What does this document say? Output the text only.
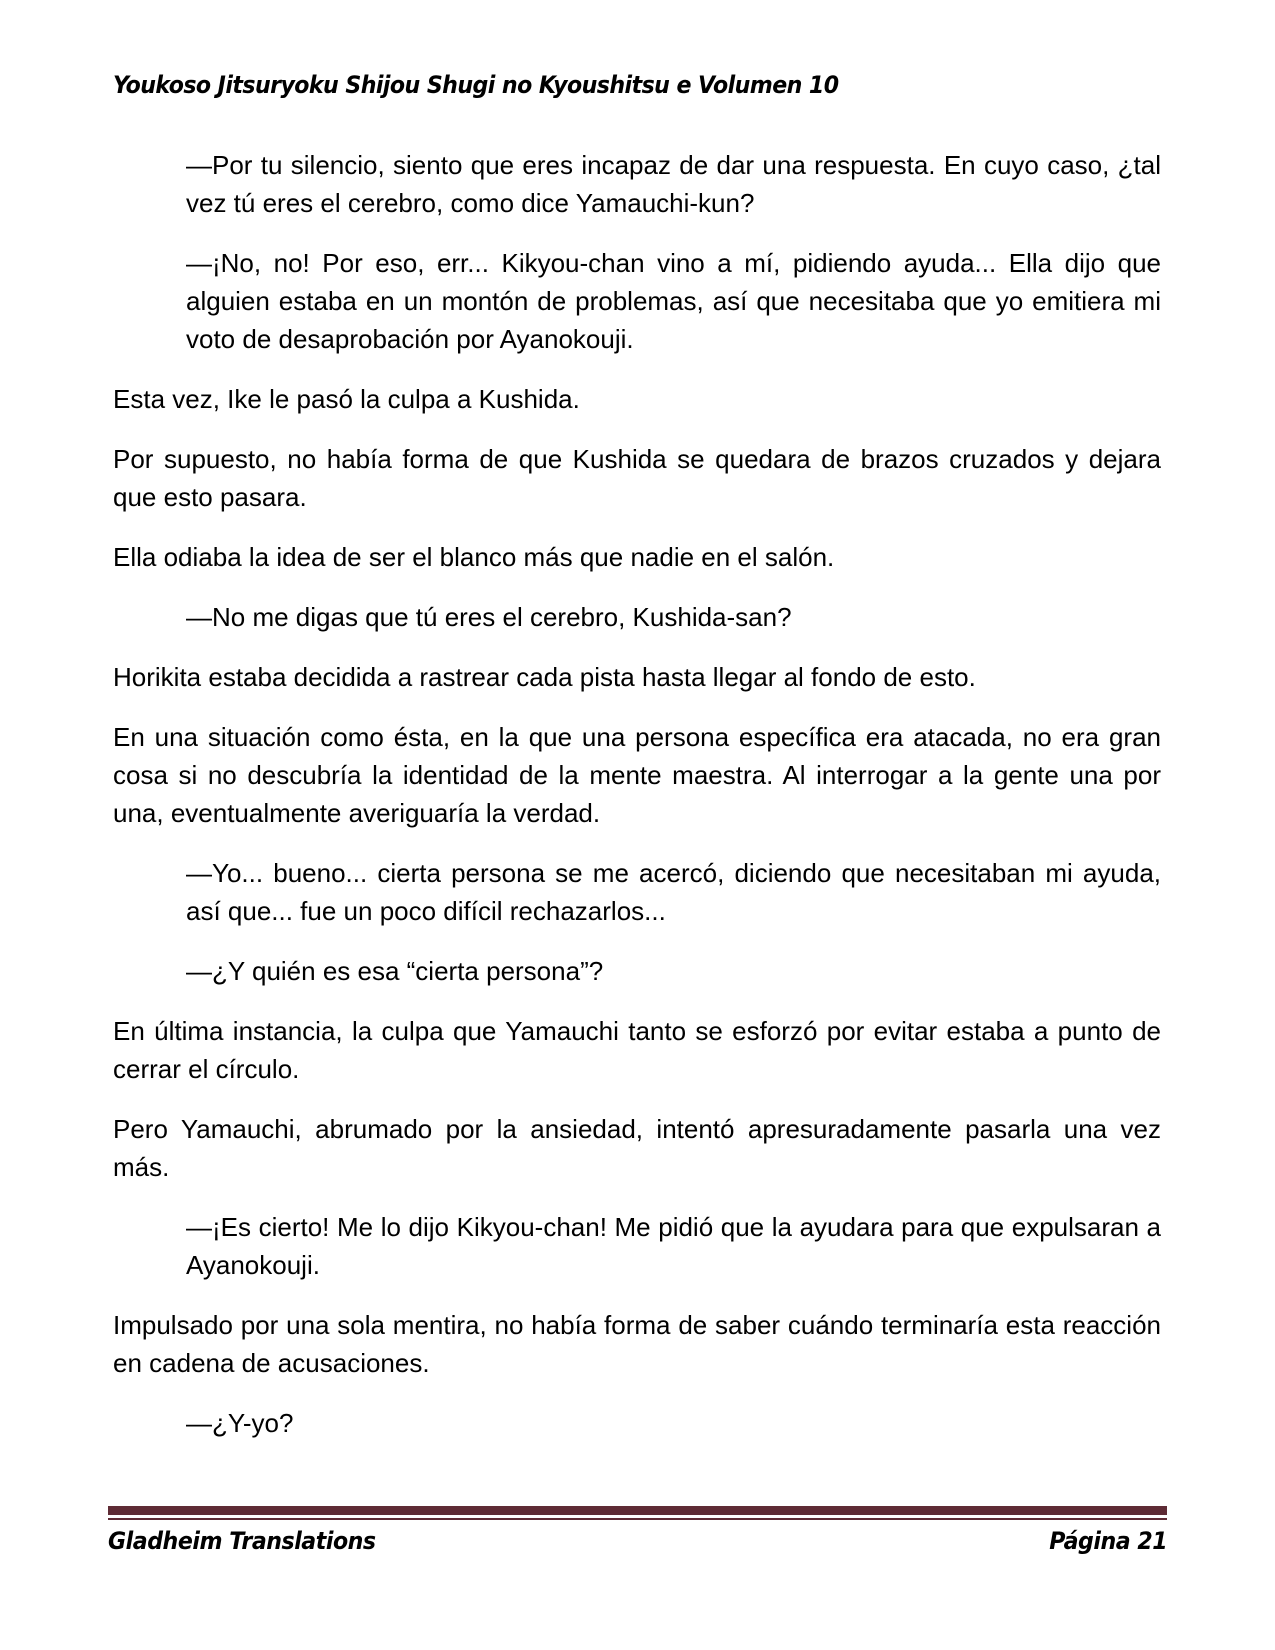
Youkoso Jitsuryoku Shijou Shugi no Kyoushitsu e Volumen 10

—Por tu silencio, siento que eres incapaz de dar una respuesta. En cuyo caso, ¿tal vez tú eres el cerebro, como dice Yamauchi-kun?

—¡No, no! Por eso, err... Kikyou-chan vino a mí, pidiendo ayuda... Ella dijo que alguien estaba en un montón de problemas, así que necesitaba que yo emitiera mi voto de desaprobación por Ayanokouji.

Esta vez, Ike le pasó la culpa a Kushida.

Por supuesto, no había forma de que Kushida se quedara de brazos cruzados y dejara que esto pasara.

Ella odiaba la idea de ser el blanco más que nadie en el salón.

—No me digas que tú eres el cerebro, Kushida-san?

Horikita estaba decidida a rastrear cada pista hasta llegar al fondo de esto.

En una situación como ésta, en la que una persona específica era atacada, no era gran cosa si no descubría la identidad de la mente maestra. Al interrogar a la gente una por una, eventualmente averiguaría la verdad.

—Yo... bueno... cierta persona se me acercó, diciendo que necesitaban mi ayuda, así que... fue un poco difícil rechazarlos...

—¿Y quién es esa “cierta persona”?

En última instancia, la culpa que Yamauchi tanto se esforzó por evitar estaba a punto de cerrar el círculo.

Pero Yamauchi, abrumado por la ansiedad, intentó apresuradamente pasarla una vez más.

—¡Es cierto! Me lo dijo Kikyou-chan! Me pidió que la ayudara para que expulsaran a Ayanokouji.

Impulsado por una sola mentira, no había forma de saber cuándo terminaría esta reacción en cadena de acusaciones.

—¿Y-yo?

Gladheim Translations	Página 21
